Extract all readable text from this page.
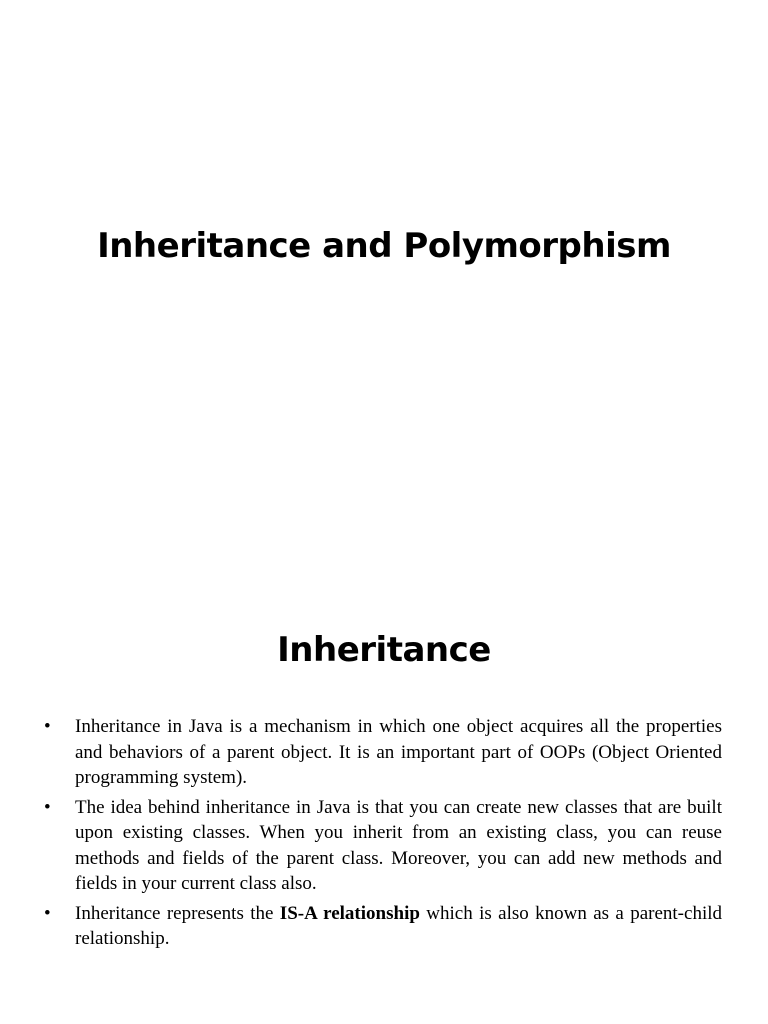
Inheritance and Polymorphism
Inheritance
• Inheritance in Java is a mechanism in which one object acquires all the properties and behaviors of a parent object. It is an important part of OOPs (Object Oriented programming system).
• The idea behind inheritance in Java is that you can create new classes that are built upon existing classes. When you inherit from an existing class, you can reuse methods and fields of the parent class. Moreover, you can add new methods and fields in your current class also.
• Inheritance represents the IS-A relationship which is also known as a parent-child relationship.
